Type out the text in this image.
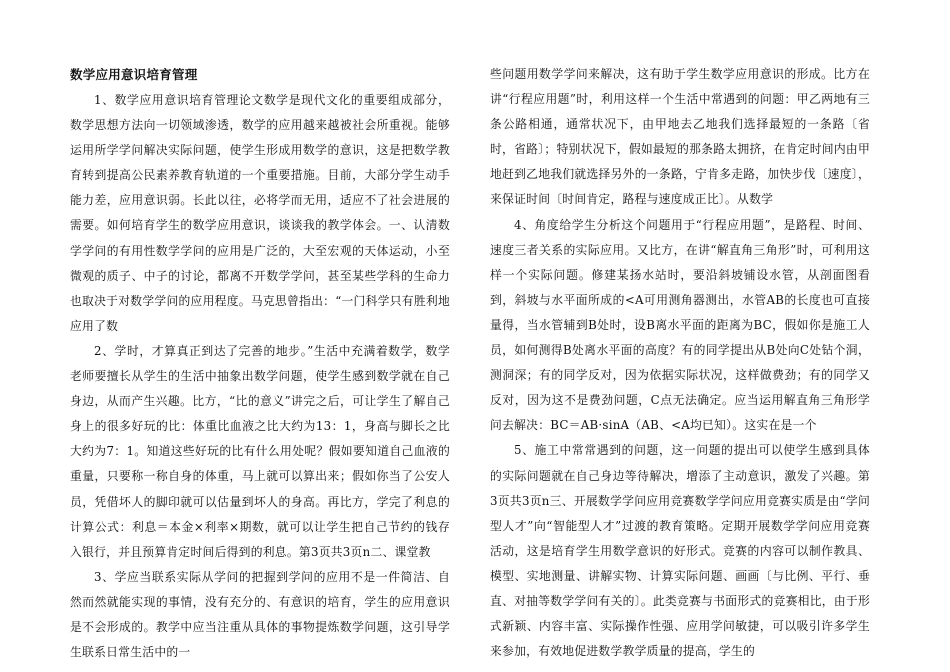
数学应用意识培育管理

1、数学应用意识培育管理论文数学是现代文化的重要组成部分，数学思想方法向一切领域渗透，数学的应用越来越被社会所重视。能够运用所学学问解决实际问题，使学生形成用数学的意识，这是把数学教育转到提高公民素养教育轨道的一个重要措施。目前，大部分学生动手能力差，应用意识弱。长此以往，必将学而无用，适应不了社会进展的需要。如何培育学生的数学应用意识，谈谈我的教学体会。一、认清数学学问的有用性数学学问的应用是广泛的，大至宏观的天体运动，小至微观的质子、中子的讨论，都离不开数学学问，甚至某些学科的生命力也取决于对数学学问的应用程度。马克思曾指出：“一门科学只有胜利地应用了数

2、学时，才算真正到达了完善的地步。”生活中充满着数学，数学老师要擅长从学生的生活中抽象出数学问题，使学生感到数学就在自己身边，从而产生兴趣。比方，“比的意义”讲完之后，可让学生了解自己身上的很多好玩的比：体重比血液之比大约为13：1，身高与脚长之比大约为7：1。知道这些好玩的比有什么用处呢？假如要知道自己血液的重量，只要称一称自身的体重，马上就可以算出来；假如你当了公安人员，凭借坏人的脚印就可以估量到坏人的身高。再比方，学完了利息的计算公式：利息＝本金×利率×期数，就可以让学生把自己节约的钱存入银行，并且预算肯定时间后得到的利息。第3页共3页n二、课堂教

3、学应当联系实际从学问的把握到学问的应用不是一件简洁、自然而然就能实现的事情，没有充分的、有意识的培育，学生的应用意识是不会形成的。教学中应当注重从具体的事物提炼数学问题，这引导学生联系日常生活中的一

些问题用数学学问来解决，这有助于学生数学应用意识的形成。比方在讲“行程应用题”时，利用这样一个生活中常遇到的问题：甲乙两地有三条公路相通，通常状况下，由甲地去乙地我们选择最短的一条路〔省时，省路〕；特别状况下，假如最短的那条路太拥挤，在肯定时间内由甲地赶到乙地我们就选择另外的一条路，宁肯多走路，加快步伐〔速度〕，来保证时间〔时间肯定，路程与速度成正比〕。从数学

4、角度给学生分析这个问题用于“行程应用题”，是路程、时间、速度三者关系的实际应用。又比方，在讲“解直角三角形”时，可利用这样一个实际问题。修建某扬水站时，要沿斜坡铺设水管，从剖面图看到，斜坡与水平面所成的<A可用测角器测出，水管AB的长度也可直接量得，当水管辅到B处时，设B离水平面的距离为BC，假如你是施工人员，如何测得B处离水平面的高度？有的同学提出从B处向C处钻个洞，测洞深；有的同学反对，因为依据实际状况，这样做费劲；有的同学又反对，因为这不是费劲问题，C点无法确定。应当运用解直角三角形学问去解决：BC＝AB·sinA（AB、<A均已知）。这实在是一个

5、施工中常常遇到的问题，这一问题的提出可以使学生感到具体的实际问题就在自己身边等待解决，增添了主动意识，激发了兴趣。第3页共3页n三、开展数学学问应用竞赛数学学问应用竞赛实质是由“学问型人才”向“智能型人才”过渡的教育策略。定期开展数学学问应用竞赛活动，这是培育学生用数学意识的好形式。竞赛的内容可以制作教具、模型、实地测量、讲解实物、计算实际问题、画画〔与比例、平行、垂直、对抽等数学学问有关的〕。此类竞赛与书面形式的竞赛相比，由于形式新颖、内容丰富、实际操作性强、应用学问敏捷，可以吸引许多学生来参加，有效地促进数学教学质量的提高，学生的
